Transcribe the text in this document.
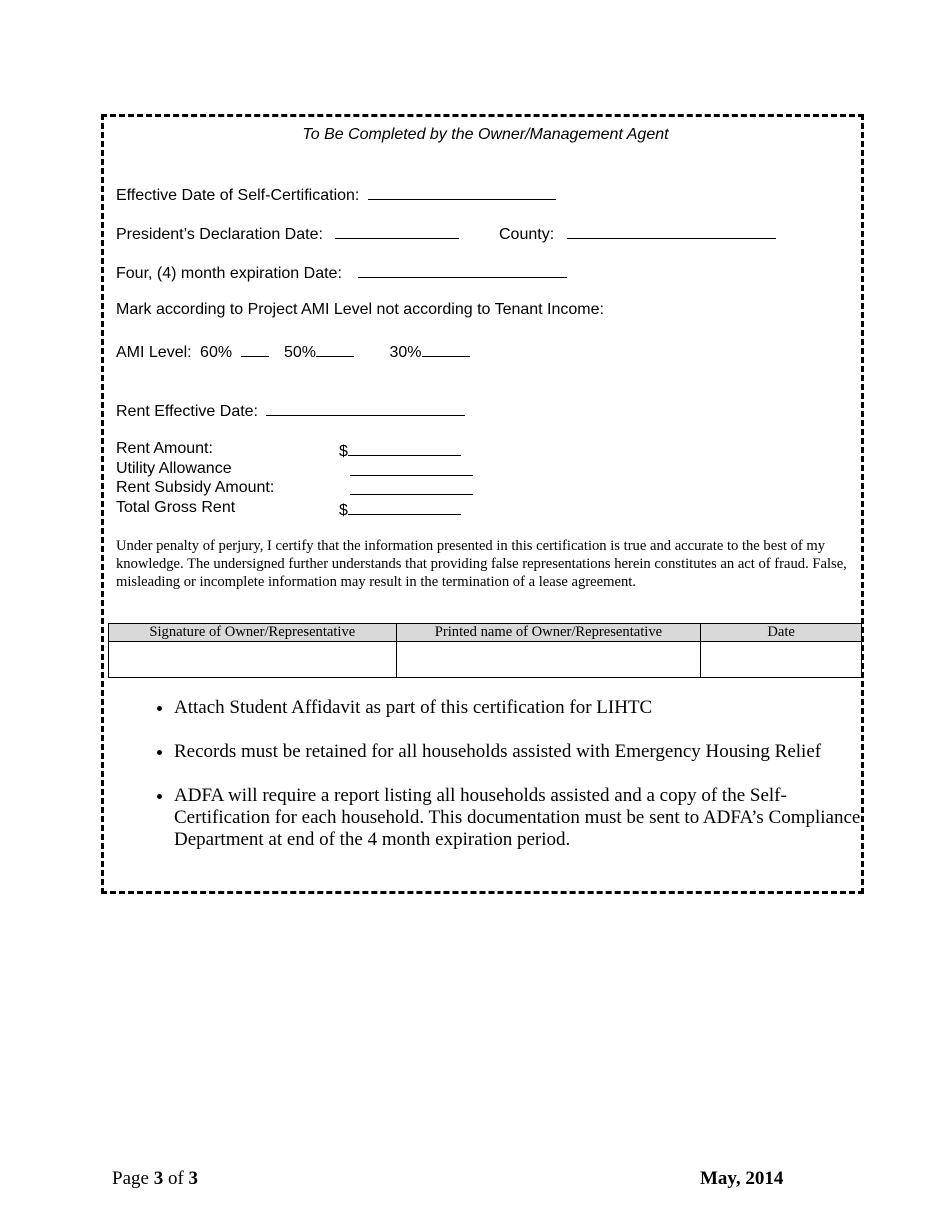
To Be Completed by the Owner/Management Agent
Effective Date of Self-Certification:
President’s Declaration Date:	County:
Four, (4) month expiration Date:
Mark according to Project AMI Level not according to Tenant Income:
AMI Level: 60%	50%	30%
Rent Effective Date:
Rent Amount:	$
Utility Allowance
Rent Subsidy Amount:
Total Gross Rent	$
Under penalty of perjury, I certify that the information presented in this certification is true and accurate to the best of my knowledge. The undersigned further understands that providing false representations herein constitutes an act of fraud. False, misleading or incomplete information may result in the termination of a lease agreement.
Signature of Owner/Representative	Printed name of Owner/Representative	Date

• Attach Student Affidavit as part of this certification for LIHTC
• Records must be retained for all households assisted with Emergency Housing Relief
• ADFA will require a report listing all households assisted and a copy of the Self-Certification for each household. This documentation must be sent to ADFA’s Compliance Department at end of the 4 month expiration period.
Page 3 of 3	May, 2014
